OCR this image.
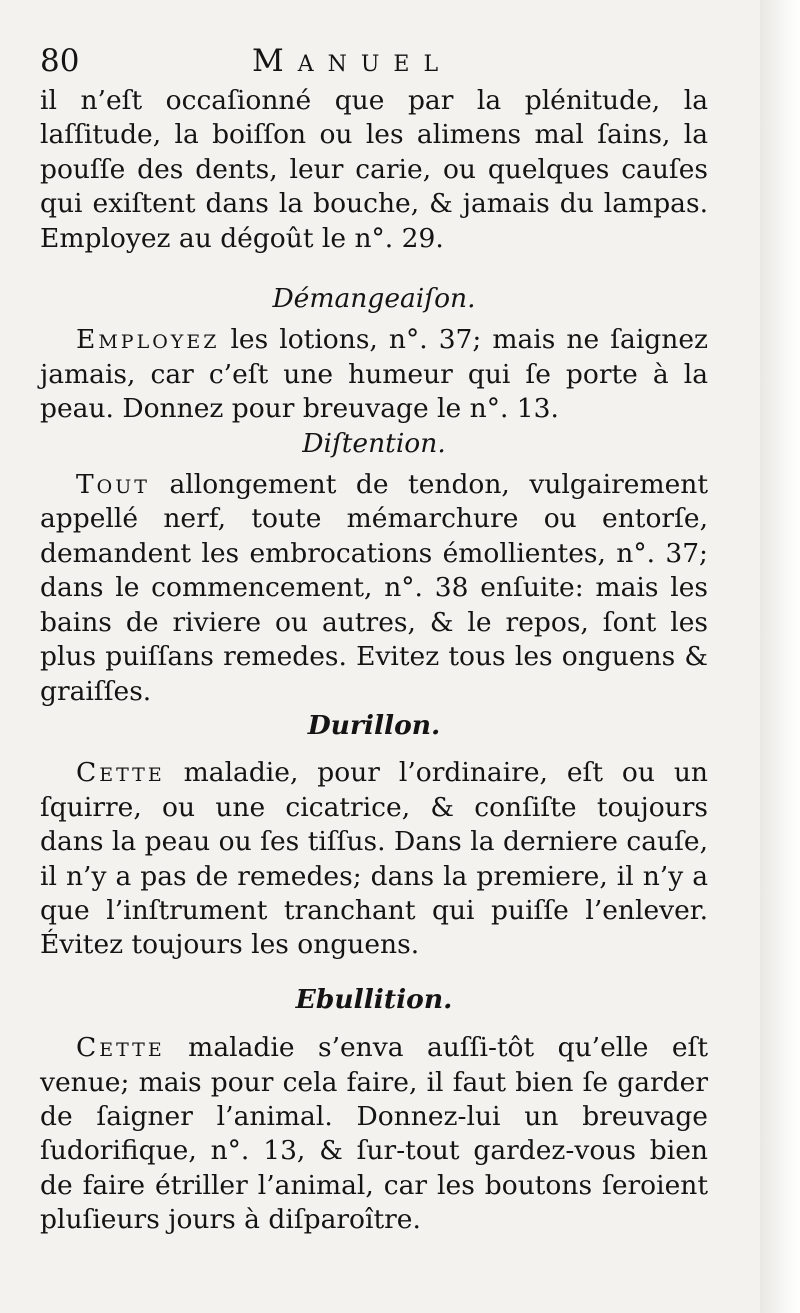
80	Manuel

il n’eſt occaſionné que par la plénitude, la laſſitude, la boiſſon ou les alimens mal ſains, la pouſſe des dents, leur carie, ou quelques cauſes qui exiſtent dans la bouche, & jamais du lampas. Employez au dégoût le n°. 29.

Démangeaiſon.

Employez les lotions, n°. 37; mais ne ſaignez jamais, car c’eſt une humeur qui ſe porte à la peau. Donnez pour breuvage le n°. 13.

Diſtention.

Tout allongement de tendon, vulgairement appellé nerf, toute mémarchure ou entorſe, demandent les embrocations émollientes, n°. 37; dans le commencement, n°. 38 enſuite: mais les bains de riviere ou autres, & le repos, ſont les plus puiſſans remedes. Evitez tous les onguens & graiſſes.

Durillon.

Cette maladie, pour l’ordinaire, eſt ou un ſquirre, ou une cicatrice, & conſiſte toujours dans la peau ou ſes tiſſus. Dans la derniere cauſe, il n’y a pas de remedes; dans la premiere, il n’y a que l’inſtrument tranchant qui puiſſe l’enlever. Évitez toujours les onguens.

Ebullition.

Cette maladie s’enva auſſi-tôt qu’elle eſt venue; mais pour cela faire, il faut bien ſe garder de ſaigner l’animal. Donnez-lui un breuvage ſudorifique, n°. 13, & ſur-tout gardez-vous bien de faire étriller l’animal, car les boutons ſeroient pluſieurs jours à diſparoître.
